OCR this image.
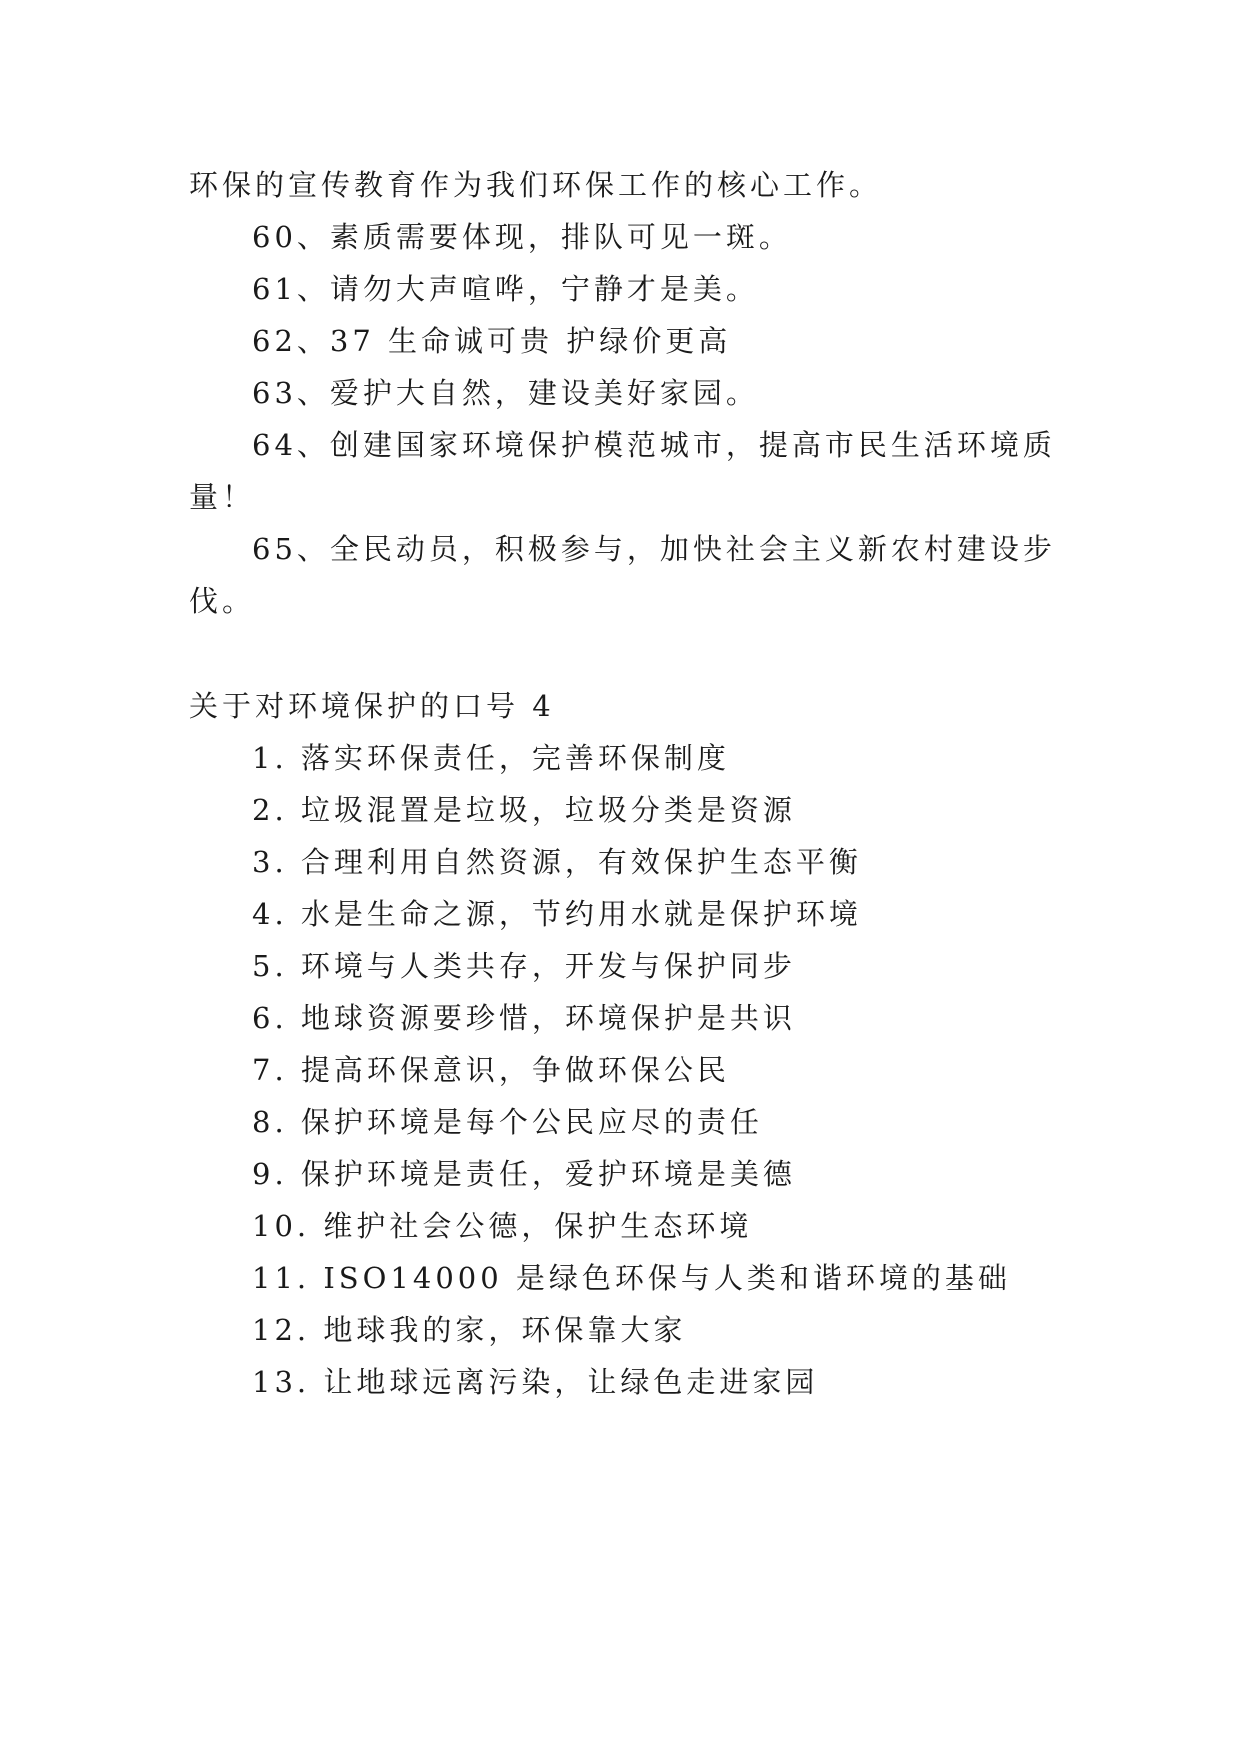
环保的宣传教育作为我们环保工作的核心工作。
60、素质需要体现，排队可见一斑。
61、请勿大声喧哗，宁静才是美。
62、37 生命诚可贵 护绿价更高
63、爱护大自然，建设美好家园。
64、创建国家环境保护模范城市，提高市民生活环境质
量！
65、全民动员，积极参与，加快社会主义新农村建设步
伐。
关于对环境保护的口号 4
1. 落实环保责任，完善环保制度
2. 垃圾混置是垃圾，垃圾分类是资源
3. 合理利用自然资源，有效保护生态平衡
4. 水是生命之源，节约用水就是保护环境
5. 环境与人类共存，开发与保护同步
6. 地球资源要珍惜，环境保护是共识
7. 提高环保意识，争做环保公民
8. 保护环境是每个公民应尽的责任
9. 保护环境是责任，爱护环境是美德
10. 维护社会公德，保护生态环境
11. ISO14000 是绿色环保与人类和谐环境的基础
12. 地球我的家，环保靠大家
13. 让地球远离污染，让绿色走进家园
